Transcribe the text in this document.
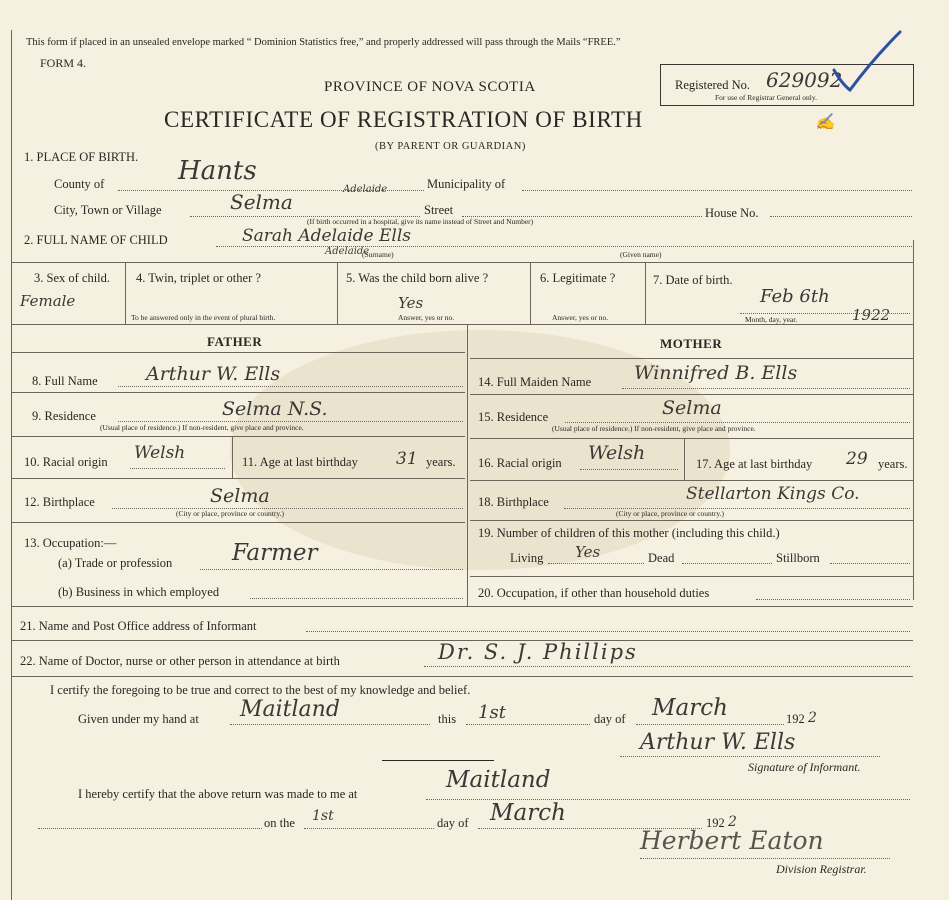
This form if placed in an unsealed envelope marked “ Dominion Statistics free,” and properly addressed will pass through the Mails “FREE.”
FORM 4.
PROVINCE OF NOVA SCOTIA
CERTIFICATE OF REGISTRATION OF BIRTH
(BY PARENT OR GUARDIAN)
Registered No. 629092
For use of Registrar General only.
✍
1. PLACE OF BIRTH.
County of	Hants	Municipality of
City, Town or Village	Selma
Adelaide
Street	House No.
(If birth occurred in a hospital, give its name instead of Street and Number)
2. FULL NAME OF CHILD	Sarah Adelaide Ells
Adelaide
(Surname)	(Given name)
3. Sex of child.
Female
4. Twin, triplet or other ?
To be answered only in the event of plural birth.
5. Was the child born alive ?
Yes
Answer, yes or no.
6. Legitimate ?
Answer, yes or no.
7. Date of birth.
Feb 6th
Month, day, year.	1922
FATHER	MOTHER
8. Full Name	Arthur W. Ells
9. Residence	Selma N.S.
(Usual place of residence.) If non-resident, give place and province.
10. Racial origin Welsh	11. Age at last birthday 31 years.
12. Birthplace	Selma
(City or place, province or country.)
13. Occupation:—
(a) Trade or profession	Farmer
(b) Business in which employed
14. Full Maiden Name Winnifred B. Ells
15. Residence	Selma
(Usual place of residence.) If non-resident, give place and province.
16. Racial origin Welsh	17. Age at last birthday 29 years.
18. Birthplace	Stellarton Kings Co.
(City or place, province or country.)
19. Number of children of this mother (including this child.)
Living Yes	Dead	Stillborn
20. Occupation, if other than household duties
21. Name and Post Office address of Informant
22. Name of Doctor, nurse or other person in attendance at birth	Dr. S. J. Phillips
I certify the foregoing to be true and correct to the best of my knowledge and belief.
Given under my hand at Maitland	this 1st	day of March	192 2
Arthur W. Ells
Signature of Informant.
I hereby certify that the above return was made to me at
Maitland
on the 1st	day of March	192 2
Herbert Eaton
Division Registrar.
